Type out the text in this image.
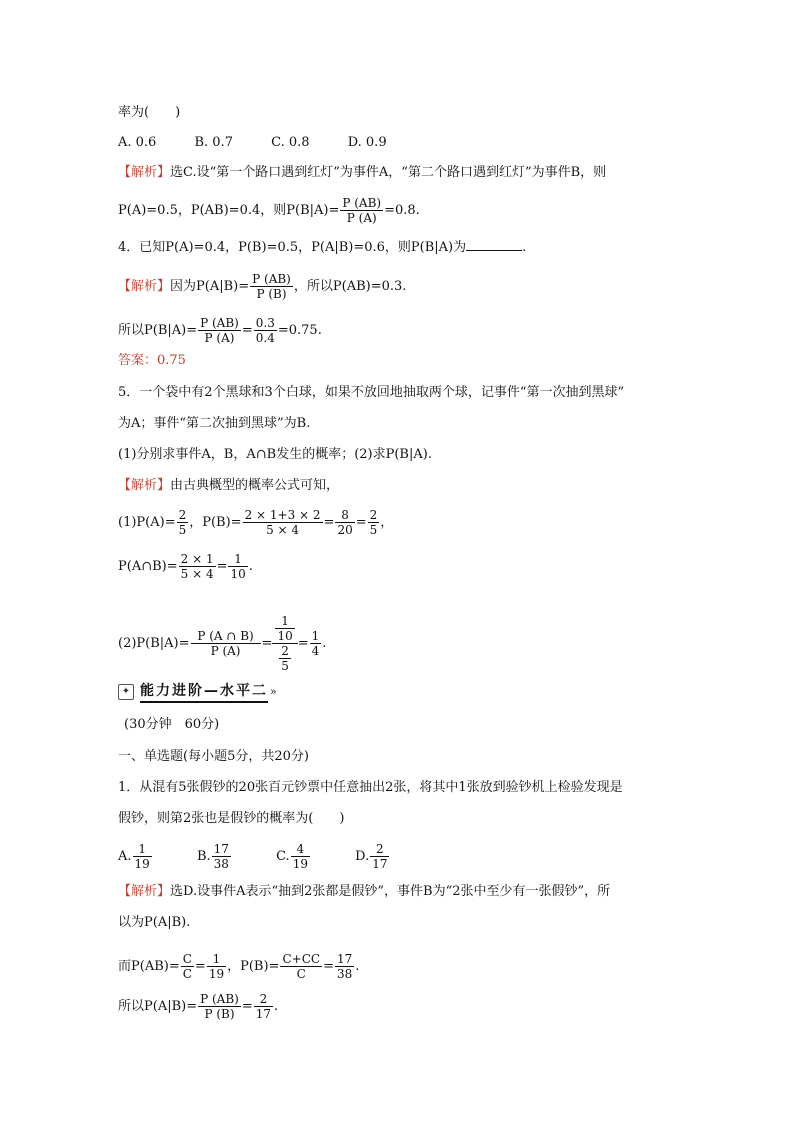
率为(　　)
A. 0.6	B. 0.7	C. 0.8	D. 0.9
【解析】选C.设“第一个路口遇到红灯”为事件A，“第二个路口遇到红灯”为事件B，则
P(A)=0.5，P(AB)=0.4，则$P(B|A)= \frac{P (AB)}{P (A)} =0.8$.
4．已知P(A)=0.4，P(B)=0.5，P(A|B)=0.6，则P(B|A)为	.
【解析】因为$P(A|B)= \frac{P (AB)}{P (B)}$ ，所以P(AB)=0.3.
所以$P(B|A)= \frac{P (AB)}{P (A)} = \frac{0.3}{0.4} =0.75$.
答案：0.75
5．一个袋中有2个黑球和3个白球，如果不放回地抽取两个球，记事件“第一次抽到黑球”
为A；事件“第二次抽到黑球”为B.
(1)分别求事件A，B，A∩B发生的概率；(2)求P(B|A).
【解析】由古典概型的概率公式可知，
$(1)P(A)= \frac{2}{5}$ ，$P(B)= \frac{2 \times 1+3 \times 2}{5 \times 4} = \frac{8}{20} = \frac{2}{5}$ ，
P(A∩B)= $\frac{2 \times 1}{5 \times 4} = \frac{1}{10}$ .
$(2)P(B|A)= \frac{P (A \cap B)}{P (A)} = \frac{\frac{1}{10}}{\frac{2}{5}} = \frac{1}{4}$ .
✦ 能力进阶—水平二 »
(30分钟　60分)
一、单选题(每小题5分，共20分)
1．从混有5张假钞的20张百元钞票中任意抽出2张，将其中1张放到验钞机上检验发现是
假钞，则第2张也是假钞的概率为(　　)
A. $\frac{1}{19}$	B. $\frac{17}{38}$	C. $\frac{4}{19}$	D. $\frac{2}{17}$
【解析】选D.设事件A表示“抽到2张都是假钞”，事件B为“2张中至少有一张假钞”，所
以为P(A|B).
而$P(AB)= \frac{C}{C} = \frac{1}{19}$ ，$P(B)= \frac{C+CC}{C} = \frac{17}{38}$ .
所以$P(A|B)= \frac{P (AB)}{P (B)} = \frac{2}{17}$ .
